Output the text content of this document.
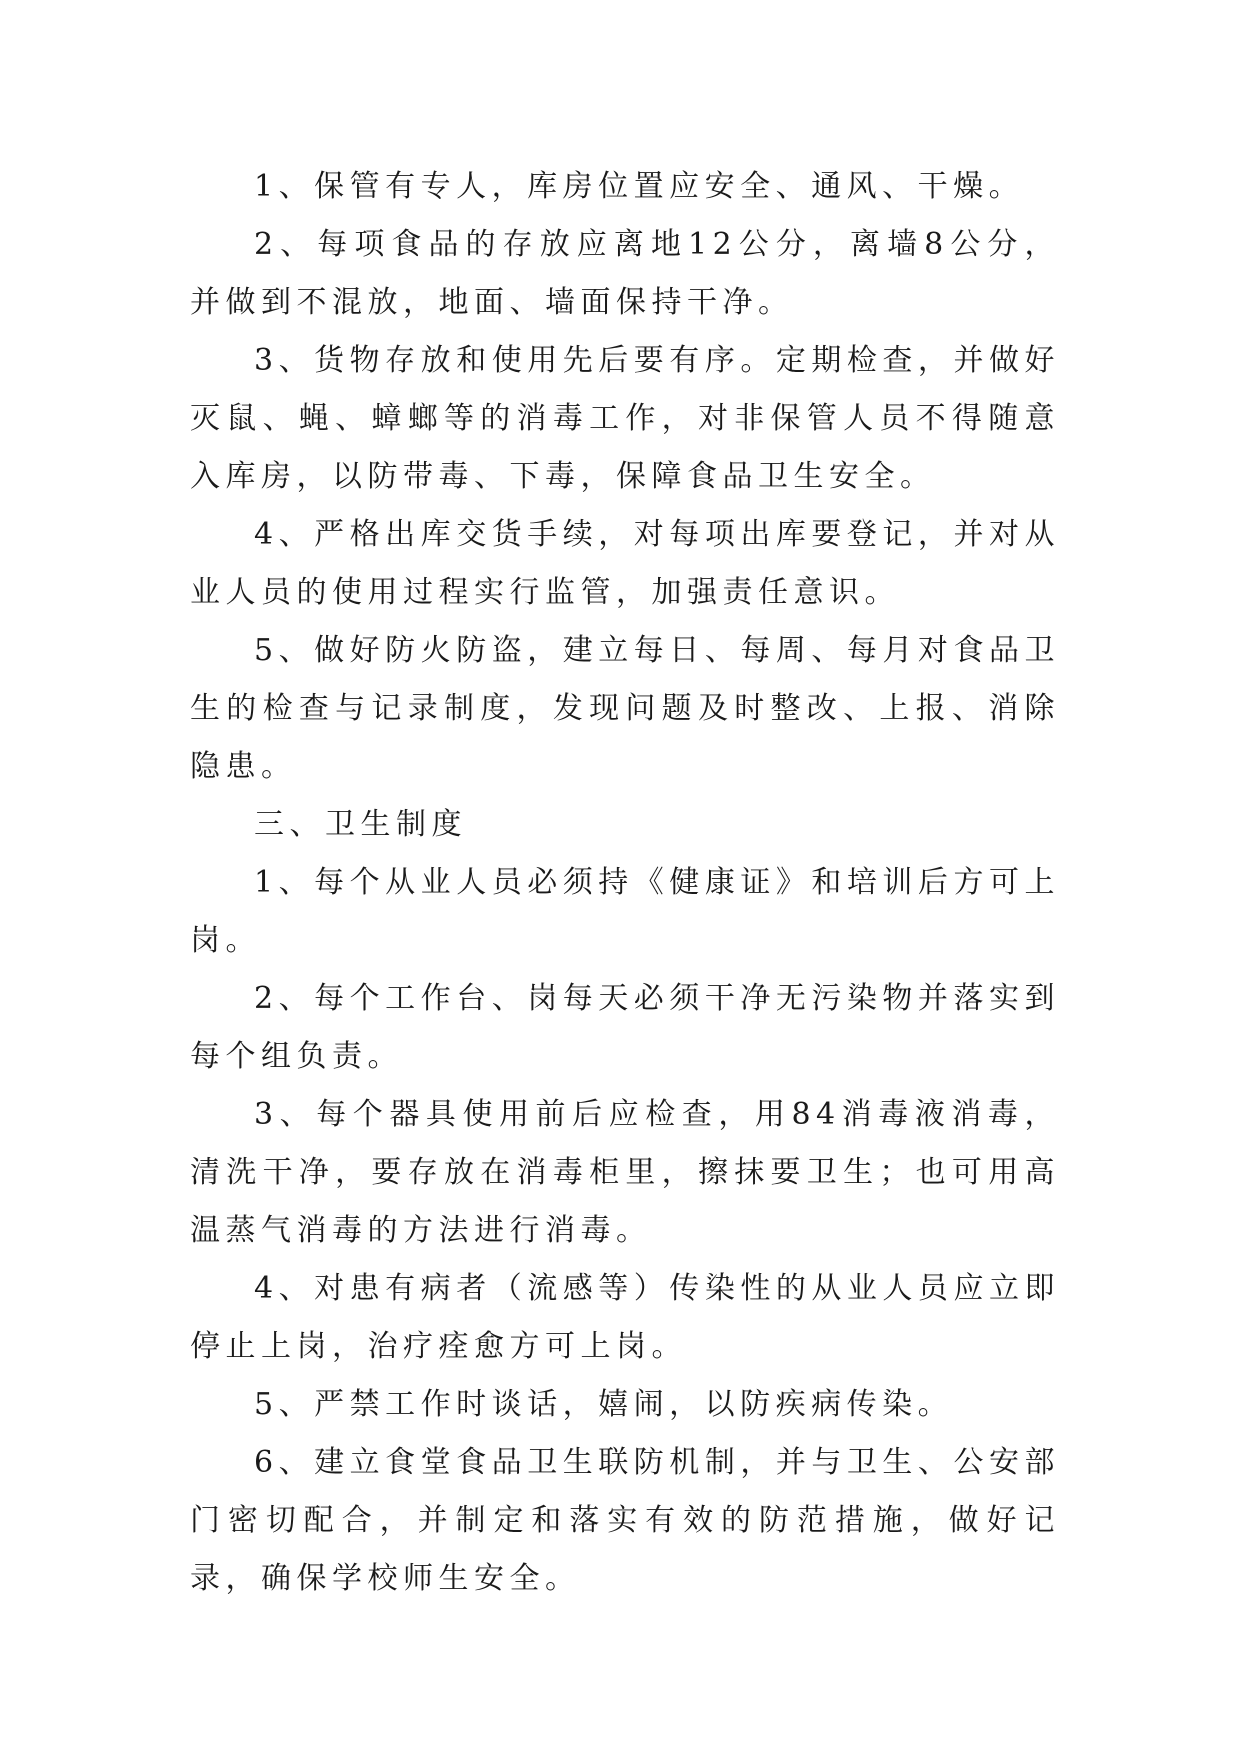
1、保管有专人，库房位置应安全、通风、干燥。

2、每项食品的存放应离地12公分，离墙8公分，并做到不混放，地面、墙面保持干净。

3、货物存放和使用先后要有序。定期检查，并做好灭鼠、蝇、蟑螂等的消毒工作，对非保管人员不得随意入库房，以防带毒、下毒，保障食品卫生安全。

4、严格出库交货手续，对每项出库要登记，并对从业人员的使用过程实行监管，加强责任意识。

5、做好防火防盗，建立每日、每周、每月对食品卫生的检查与记录制度，发现问题及时整改、上报、消除隐患。

三、卫生制度

1、每个从业人员必须持《健康证》和培训后方可上岗。

2、每个工作台、岗每天必须干净无污染物并落实到每个组负责。

3、每个器具使用前后应检查，用84消毒液消毒，清洗干净，要存放在消毒柜里，擦抹要卫生；也可用高温蒸气消毒的方法进行消毒。

4、对患有病者（流感等）传染性的从业人员应立即停止上岗，治疗痊愈方可上岗。

5、严禁工作时谈话，嬉闹，以防疾病传染。

6、建立食堂食品卫生联防机制，并与卫生、公安部门密切配合，并制定和落实有效的防范措施，做好记录，确保学校师生安全。
